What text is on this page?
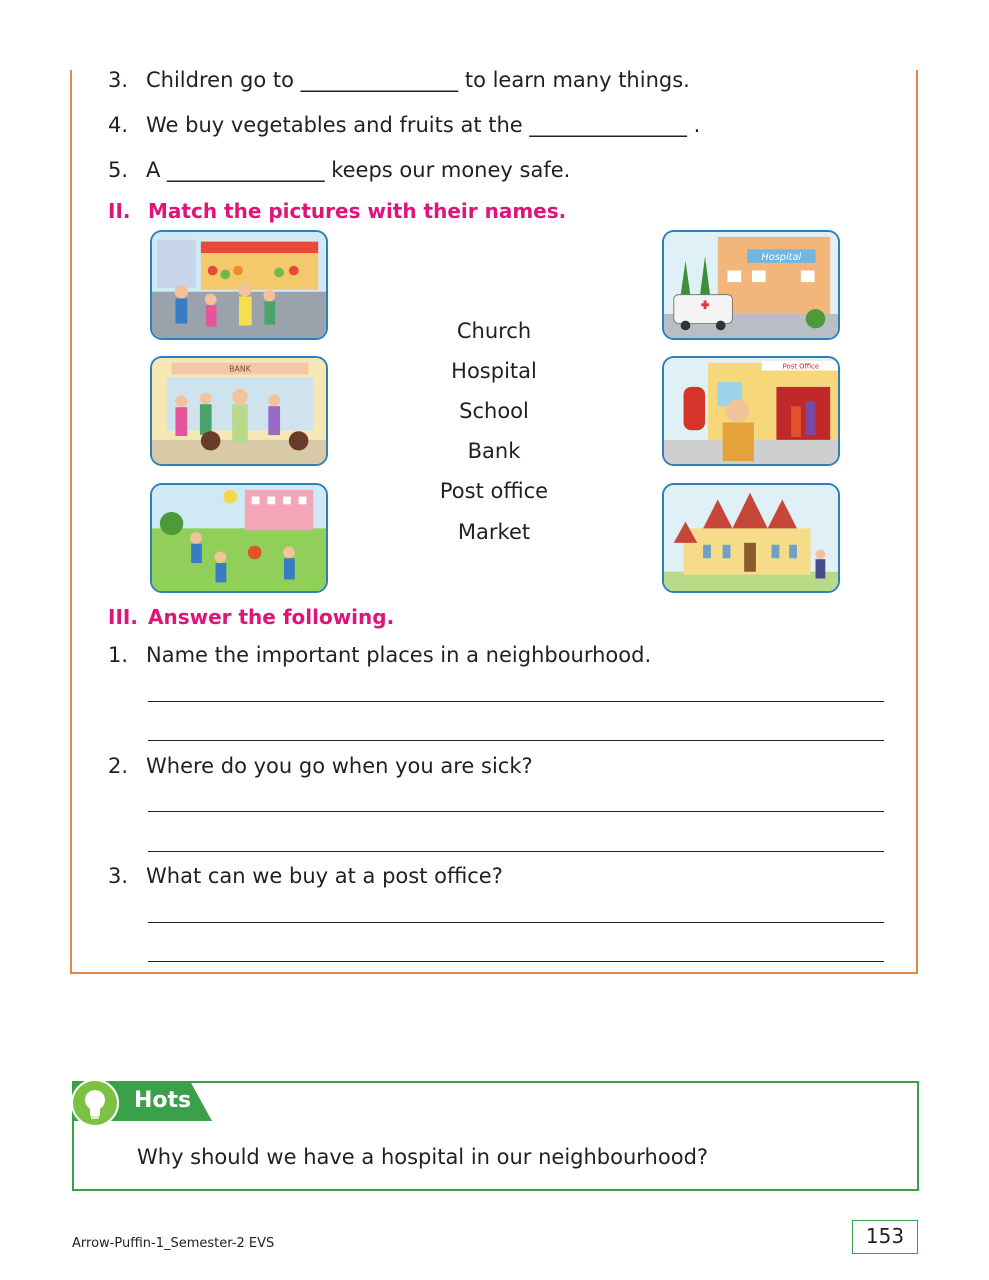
3. Children go to _______________ to learn many things.
4. We buy vegetables and fruits at the _______________ .
5. A _______________ keeps our money safe.
II. Match the pictures with their names.
BANK
Church
Hospital
School
Bank
Post office
Market
Hospital
Post Office
III. Answer the following.
1. Name the important places in a neighbourhood.
2. Where do you go when you are sick?
3. What can we buy at a post office?
Hots
Why should we have a hospital in our neighbourhood?
Arrow-Puffin-1_Semester-2 EVS	153
